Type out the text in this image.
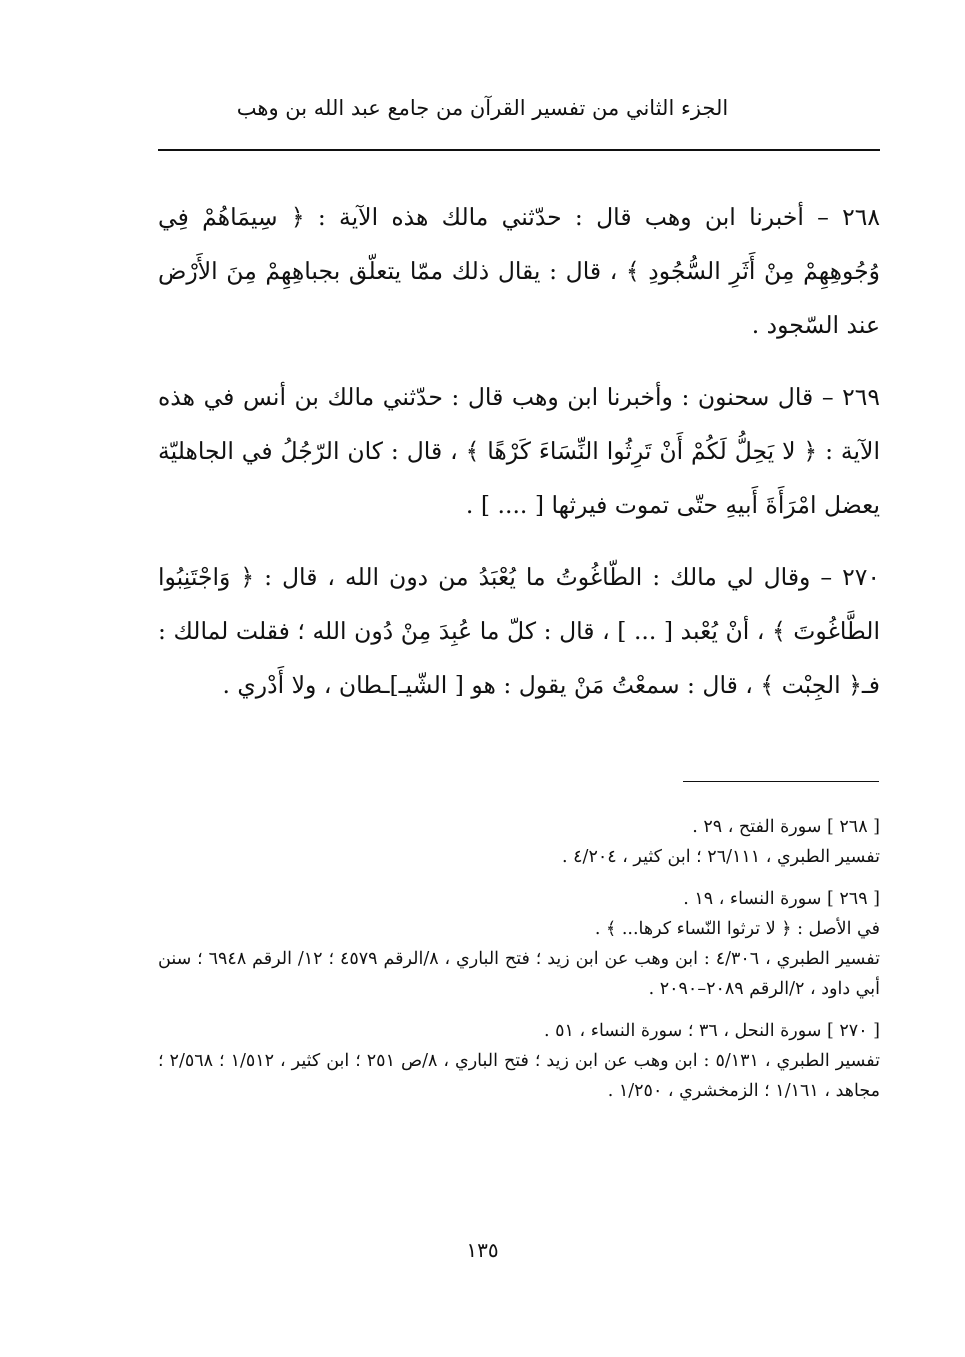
الجزء الثاني من تفسير القرآن من جامع عبد الله بن وهب

٢٦٨ – أخبرنا ابن وهب قال : حدّثني مالك هذه الآية : ﴿ سِيمَاهُمْ فِي وُجُوهِهِمْ مِنْ أَثَرِ السُّجُودِ ﴾ ، قال : يقال ذلك ممّا يتعلّق بجباهِهِمْ مِنَ الأَرْض عند السّجود .

٢٦٩ – قال سحنون : وأخبرنا ابن وهب قال : حدّثني مالك بن أنس في هذه الآية : ﴿ لا يَحِلُّ لَكُمْ أَنْ تَرِثُوا النِّسَاءَ كَرْهًا ﴾ ، قال : كان الرّجُلُ في الجاهليّة يعضل امْرَأَةَ أَبيهِ حتّى تموت فيرثها [ .... ] .

٢٧٠ – وقال لي مالك : الطّاغُوتُ ما يُعْبَدُ من دون الله ، قال : ﴿ وَاجْتَنِبُوا الطَّاغُوتَ ﴾ ، أنْ يُعْبد [ ... ] ، قال : كلّ ما عُبِدَ مِنْ دُون الله ؛ فقلت لمالك : فـ﴿ الجِبْت ﴾ ، قال : سمعْتُ مَنْ يقول : هو [ الشّيـ]ـطان ، ولا أَدْري .

[ ٢٦٨ ] سورة الفتح ، ٢٩ .
تفسير الطبري ، ٢٦/١١١ ؛ ابن كثير ، ٤/٢٠٤ .
[ ٢٦٩ ] سورة النساء ، ١٩ .
في الأصل : ﴿ لا ترثوا النّساء كرها... ﴾ .
تفسير الطبري ، ٤/٣٠٦ : ابن وهب عن ابن زيد ؛ فتح الباري ، ٨/الرقم ٤٥٧٩ ؛ ١٢/ الرقم ٦٩٤٨ ؛ سنن أبي داود ، ٢/الرقم ٢٠٨٩–٢٠٩٠ .
[ ٢٧٠ ] سورة النحل ، ٣٦ ؛ سورة النساء ، ٥١ .
تفسير الطبري ، ٥/١٣١ : ابن وهب عن ابن زيد ؛ فتح الباري ، ٨/ص ٢٥١ ؛ ابن كثير ، ١/٥١٢ ؛ ٢/٥٦٨ ؛ مجاهد ، ١/١٦١ ؛ الزمخشري ، ١/٢٥٠ .
١٣٥
